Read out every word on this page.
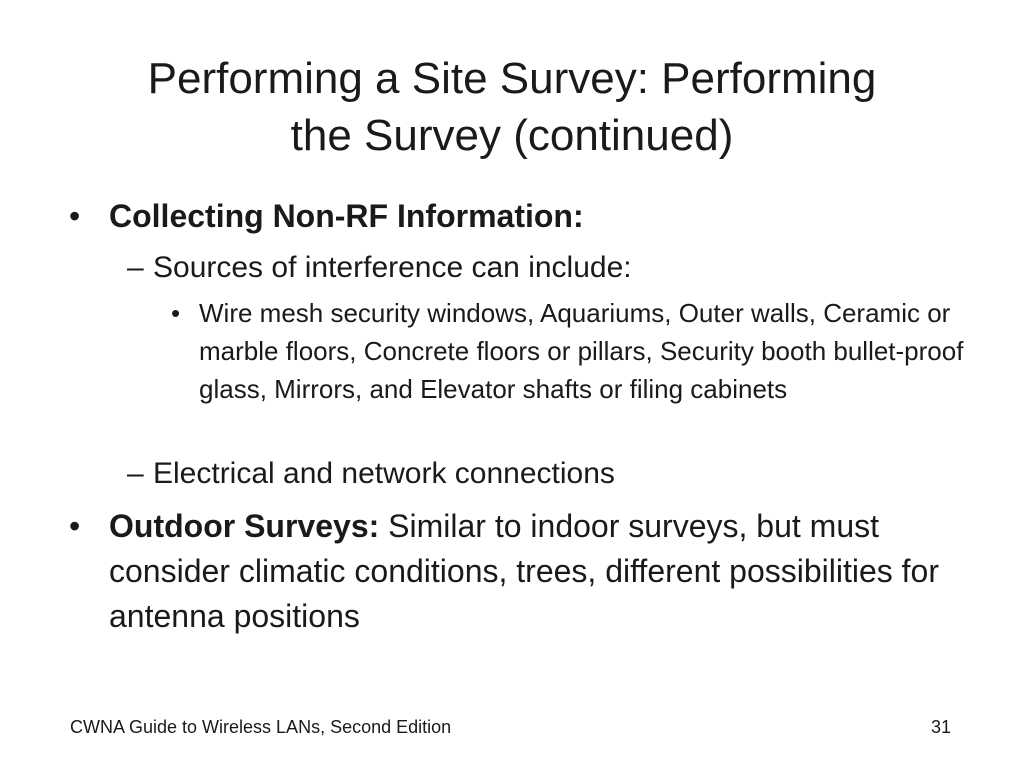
Performing a Site Survey: Performing
the Survey (continued)
• Collecting Non-RF Information:
– Sources of interference can include:
• Wire mesh security windows, Aquariums, Outer walls, Ceramic or marble floors, Concrete floors or pillars, Security booth bullet-proof glass, Mirrors, and Elevator shafts or filing cabinets
– Electrical and network connections
• Outdoor Surveys: Similar to indoor surveys, but must consider climatic conditions, trees, different possibilities for antenna positions
CWNA Guide to Wireless LANs, Second Edition	31
